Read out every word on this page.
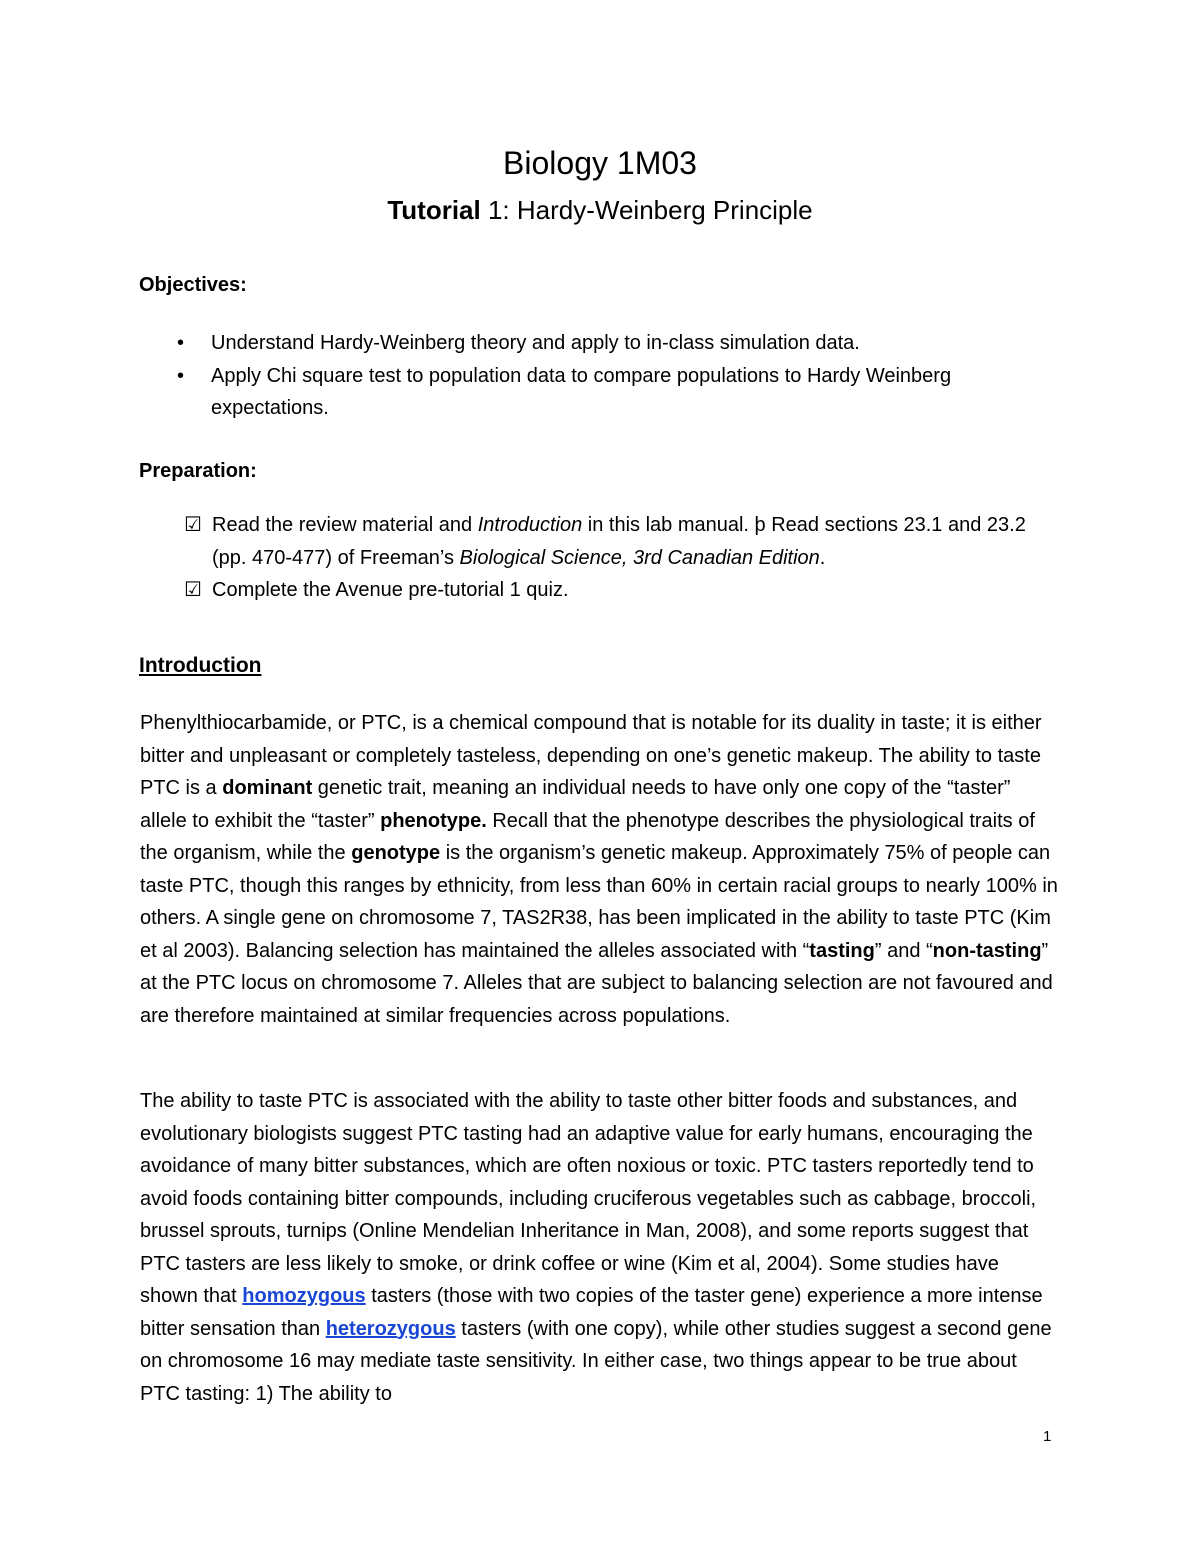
Biology 1M03
Tutorial 1: Hardy-Weinberg Principle
Objectives:
• Understand Hardy-Weinberg theory and apply to in-class simulation data.
• Apply Chi square test to population data to compare populations to Hardy Weinberg expectations.
Preparation:
☑ Read the review material and Introduction in this lab manual. þ Read sections 23.1 and 23.2 (pp. 470-477) of Freeman’s Biological Science, 3rd Canadian Edition.
☑ Complete the Avenue pre-tutorial 1 quiz.
Introduction
Phenylthiocarbamide, or PTC, is a chemical compound that is notable for its duality in taste; it is either bitter and unpleasant or completely tasteless, depending on one’s genetic makeup. The ability to taste PTC is a dominant genetic trait, meaning an individual needs to have only one copy of the “taster” allele to exhibit the “taster” phenotype. Recall that the phenotype describes the physiological traits of the organism, while the genotype is the organism’s genetic makeup. Approximately 75% of people can taste PTC, though this ranges by ethnicity, from less than 60% in certain racial groups to nearly 100% in others. A single gene on chromosome 7, TAS2R38, has been implicated in the ability to taste PTC (Kim et al 2003). Balancing selection has maintained the alleles associated with “tasting” and “non-tasting” at the PTC locus on chromosome 7. Alleles that are subject to balancing selection are not favoured and are therefore maintained at similar frequencies across populations.
The ability to taste PTC is associated with the ability to taste other bitter foods and substances, and evolutionary biologists suggest PTC tasting had an adaptive value for early humans, encouraging the avoidance of many bitter substances, which are often noxious or toxic. PTC tasters reportedly tend to avoid foods containing bitter compounds, including cruciferous vegetables such as cabbage, broccoli, brussel sprouts, turnips (Online Mendelian Inheritance in Man, 2008), and some reports suggest that PTC tasters are less likely to smoke, or drink coffee or wine (Kim et al, 2004). Some studies have shown that homozygous tasters (those with two copies of the taster gene) experience a more intense bitter sensation than heterozygous tasters (with one copy), while other studies suggest a second gene on chromosome 16 may mediate taste sensitivity. In either case, two things appear to be true about PTC tasting: 1) The ability to
1
